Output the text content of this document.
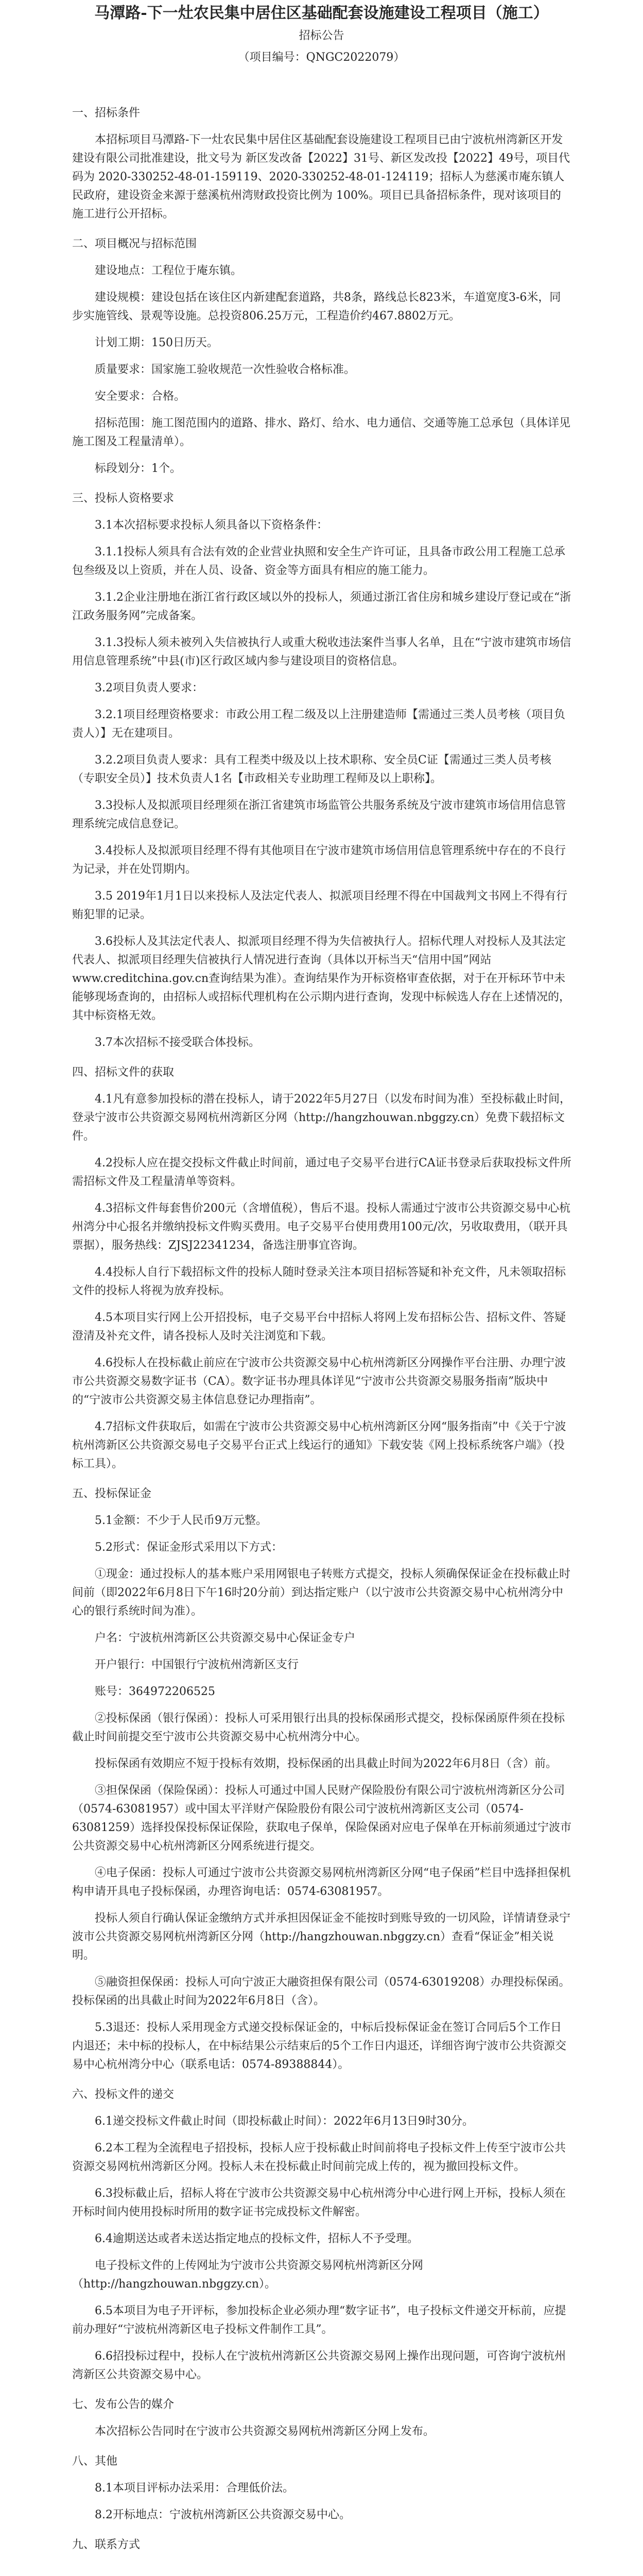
马潭路-下一灶农民集中居住区基础配套设施建设工程项目（施工）
招标公告
（项目编号：QNGC2022079）

一、招标条件

本招标项目马潭路-下一灶农民集中居住区基础配套设施建设工程项目已由宁波杭州湾新区开发建设有限公司批准建设，批文号为 新区发改备【2022】31号、新区发改投【2022】49号，项目代码为 2020-330252-48-01-159119、2020-330252-48-01-124119；招标人为慈溪市庵东镇人民政府，建设资金来源于慈溪杭州湾财政投资比例为 100%。项目已具备招标条件，现对该项目的施工进行公开招标。

二、项目概况与招标范围

建设地点：工程位于庵东镇。

建设规模：建设包括在该住区内新建配套道路，共8条，路线总长823米，车道宽度3-6米，同步实施管线、景观等设施。总投资806.25万元，工程造价约467.8802万元。

计划工期：150日历天。

质量要求：国家施工验收规范一次性验收合格标准。

安全要求：合格。

招标范围：施工图范围内的道路、排水、路灯、给水、电力通信、交通等施工总承包（具体详见施工图及工程量清单）。

标段划分：1个。

三、投标人资格要求

3.1本次招标要求投标人须具备以下资格条件：

3.1.1投标人须具有合法有效的企业营业执照和安全生产许可证，且具备市政公用工程施工总承包叁级及以上资质，并在人员、设备、资金等方面具有相应的施工能力。

3.1.2企业注册地在浙江省行政区域以外的投标人，须通过浙江省住房和城乡建设厅登记或在“浙江政务服务网”完成备案。

3.1.3投标人须未被列入失信被执行人或重大税收违法案件当事人名单，且在“宁波市建筑市场信用信息管理系统”中县(市)区行政区域内参与建设项目的资格信息。

3.2项目负责人要求：

3.2.1项目经理资格要求：市政公用工程二级及以上注册建造师【需通过三类人员考核（项目负责人）】无在建项目。

3.2.2项目负责人要求：具有工程类中级及以上技术职称、安全员C证【需通过三类人员考核（专职安全员）】技术负责人1名【市政相关专业助理工程师及以上职称】。

3.3投标人及拟派项目经理须在浙江省建筑市场监管公共服务系统及宁波市建筑市场信用信息管理系统完成信息登记。

3.4投标人及拟派项目经理不得有其他项目在宁波市建筑市场信用信息管理系统中存在的不良行为记录，并在处罚期内。

3.5 2019年1月1日以来投标人及法定代表人、拟派项目经理不得在中国裁判文书网上不得有行贿犯罪的记录。

3.6投标人及其法定代表人、拟派项目经理不得为失信被执行人。招标代理人对投标人及其法定代表人、拟派项目经理失信被执行人情况进行查询（具体以开标当天“信用中国”网站www.creditchina.gov.cn查询结果为准）。查询结果作为开标资格审查依据，对于在开标环节中未能够现场查询的，由招标人或招标代理机构在公示期内进行查询，发现中标候选人存在上述情况的，其中标资格无效。

3.7本次招标不接受联合体投标。

四、招标文件的获取

4.1凡有意参加投标的潜在投标人，请于2022年5月27日（以发布时间为准）至投标截止时间，登录宁波市公共资源交易网杭州湾新区分网（http://hangzhouwan.nbggzy.cn）免费下载招标文件。

4.2投标人应在提交投标文件截止时间前，通过电子交易平台进行CA证书登录后获取投标文件所需招标文件及工程量清单等资料。

4.3招标文件每套售价200元（含增值税），售后不退。投标人需通过宁波市公共资源交易中心杭州湾分中心报名并缴纳投标文件购买费用。电子交易平台使用费用100元/次，另收取费用，（联开具票据），服务热线：ZJSJ22341234，备选注册事宜咨询。

4.4投标人自行下载招标文件的投标人随时登录关注本项目招标答疑和补充文件，凡未领取招标文件的投标人将视为放弃投标。

4.5本项目实行网上公开招投标，电子交易平台中招标人将网上发布招标公告、招标文件、答疑澄清及补充文件，请各投标人及时关注浏览和下载。

4.6投标人在投标截止前应在宁波市公共资源交易中心杭州湾新区分网操作平台注册、办理宁波市公共资源交易数字证书（CA）。数字证书办理具体详见“宁波市公共资源交易服务指南”版块中的“宁波市公共资源交易主体信息登记办理指南”。

4.7招标文件获取后，如需在宁波市公共资源交易中心杭州湾新区分网“服务指南”中《关于宁波杭州湾新区公共资源交易电子交易平台正式上线运行的通知》下载安装《网上投标系统客户端》（投标工具）。

五、投标保证金

5.1金额：不少于人民币9万元整。

5.2形式：保证金形式采用以下方式：

①现金：通过投标人的基本账户采用网银电子转账方式提交，投标人须确保保证金在投标截止时间前（即2022年6月8日下午16时20分前）到达指定账户（以宁波市公共资源交易中心杭州湾分中心的银行系统时间为准）。

户名：宁波杭州湾新区公共资源交易中心保证金专户

开户银行：中国银行宁波杭州湾新区支行

账号：364972206525

②投标保函（银行保函）：投标人可采用银行出具的投标保函形式提交，投标保函原件须在投标截止时间前提交至宁波市公共资源交易中心杭州湾分中心。

投标保函有效期应不短于投标有效期，投标保函的出具截止时间为2022年6月8日（含）前。

③担保保函（保险保函）：投标人可通过中国人民财产保险股份有限公司宁波杭州湾新区分公司（0574-63081957）或中国太平洋财产保险股份有限公司宁波杭州湾新区支公司（0574-63081259）选择投保投标保证保险，获取电子保单，保险保函对应电子保单在开标前须通过宁波市公共资源交易中心杭州湾新区分网系统进行提交。

④电子保函：投标人可通过宁波市公共资源交易网杭州湾新区分网“电子保函”栏目中选择担保机构申请开具电子投标保函，办理咨询电话：0574-63081957。

投标人须自行确认保证金缴纳方式并承担因保证金不能按时到账导致的一切风险，详情请登录宁波市公共资源交易网杭州湾新区分网（http://hangzhouwan.nbggzy.cn）查看“保证金”相关说明。

⑤融资担保保函：投标人可向宁波正大融资担保有限公司（0574-63019208）办理投标保函。投标保函的出具截止时间为2022年6月8日（含）。

5.3退还：投标人采用现金方式递交投标保证金的，中标后投标保证金在签订合同后5个工作日内退还；未中标的投标人，在中标结果公示结束后的5个工作日内退还，详细咨询宁波市公共资源交易中心杭州湾分中心（联系电话：0574-89388844）。

六、投标文件的递交

6.1递交投标文件截止时间（即投标截止时间）：2022年6月13日9时30分。

6.2本工程为全流程电子招投标，投标人应于投标截止时间前将电子投标文件上传至宁波市公共资源交易网杭州湾新区分网。投标人未在投标截止时间前完成上传的，视为撤回投标文件。

6.3投标截止后，招标人将在宁波市公共资源交易中心杭州湾分中心进行网上开标，投标人须在开标时间内使用投标时所用的数字证书完成投标文件解密。

6.4逾期送达或者未送达指定地点的投标文件，招标人不予受理。

电子投标文件的上传网址为宁波市公共资源交易网杭州湾新区分网（http://hangzhouwan.nbggzy.cn）。

6.5本项目为电子开评标，参加投标企业必须办理“数字证书”，电子投标文件递交开标前，应提前办理好“宁波杭州湾新区电子投标文件制作工具”。

6.6招投标过程中，投标人在宁波杭州湾新区公共资源交易网上操作出现问题，可咨询宁波杭州湾新区公共资源交易中心。

七、发布公告的媒介

本次招标公告同时在宁波市公共资源交易网杭州湾新区分网上发布。

八、其他

8.1本项目评标办法采用：合理低价法。

8.2开标地点：宁波杭州湾新区公共资源交易中心。

九、联系方式
